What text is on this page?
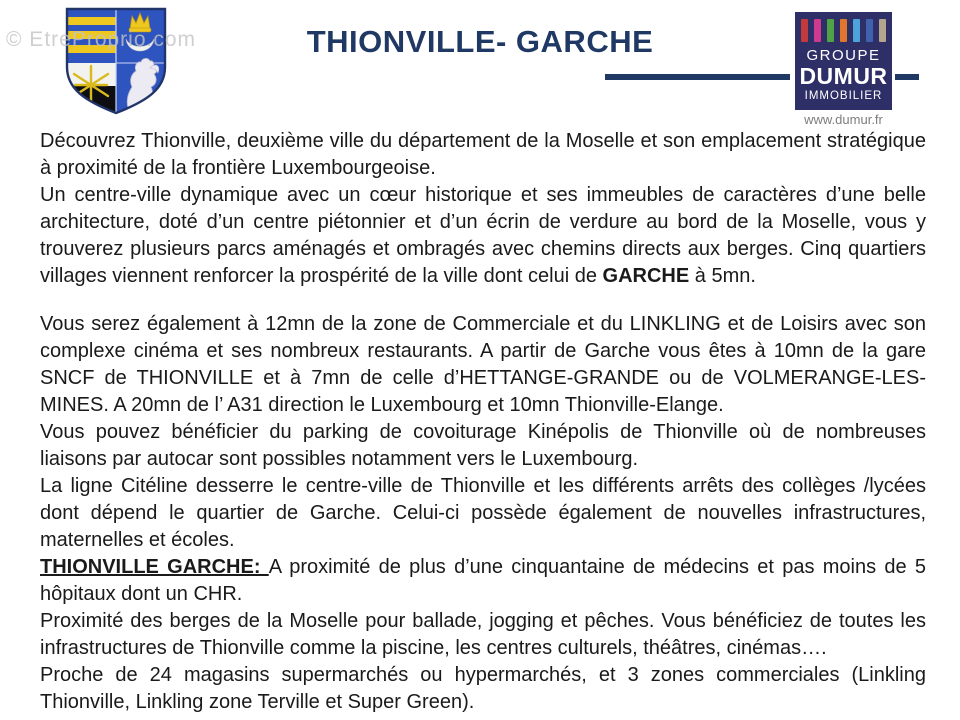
© EtreProprio.com	THIONVILLE- GARCHE	GROUPE
DUMUR
IMMOBILIER
www.dumur.fr

Découvrez Thionville, deuxième ville du département de la Moselle et son emplacement stratégique à proximité de la frontière Luxembourgeoise.

Un centre-ville dynamique avec un cœur historique et ses immeubles de caractères d’une belle architecture, doté d’un centre piétonnier et d’un écrin de verdure au bord de la Moselle, vous y trouverez plusieurs parcs aménagés et ombragés avec chemins directs aux berges. Cinq quartiers villages viennent renforcer la prospérité de la ville dont celui de GARCHE à 5mn.

Vous serez également à 12mn de la zone de Commerciale et du LINKLING et de Loisirs avec son complexe cinéma et ses nombreux restaurants. A partir de Garche vous êtes à 10mn de la gare SNCF de THIONVILLE et à 7mn de celle d’HETTANGE-GRANDE ou de VOLMERANGE-LES-MINES. A 20mn de l’ A31 direction le Luxembourg et 10mn Thionville-Elange.

Vous pouvez bénéficier du parking de covoiturage Kinépolis de Thionville où de nombreuses liaisons par autocar sont possibles notamment vers le Luxembourg.

La ligne Citéline desserre le centre-ville de Thionville et les différents arrêts des collèges /lycées dont dépend le quartier de Garche. Celui-ci possède également de nouvelles infrastructures, maternelles et écoles.

THIONVILLE GARCHE: A proximité de plus d’une cinquantaine de médecins et pas moins de 5 hôpitaux dont un CHR.

Proximité des berges de la Moselle pour ballade, jogging et pêches. Vous bénéficiez de toutes les infrastructures de Thionville comme la piscine, les centres culturels, théâtres, cinémas….

Proche de 24 magasins supermarchés ou hypermarchés, et 3 zones commerciales (Linkling Thionville, Linkling zone Terville et Super Green).
